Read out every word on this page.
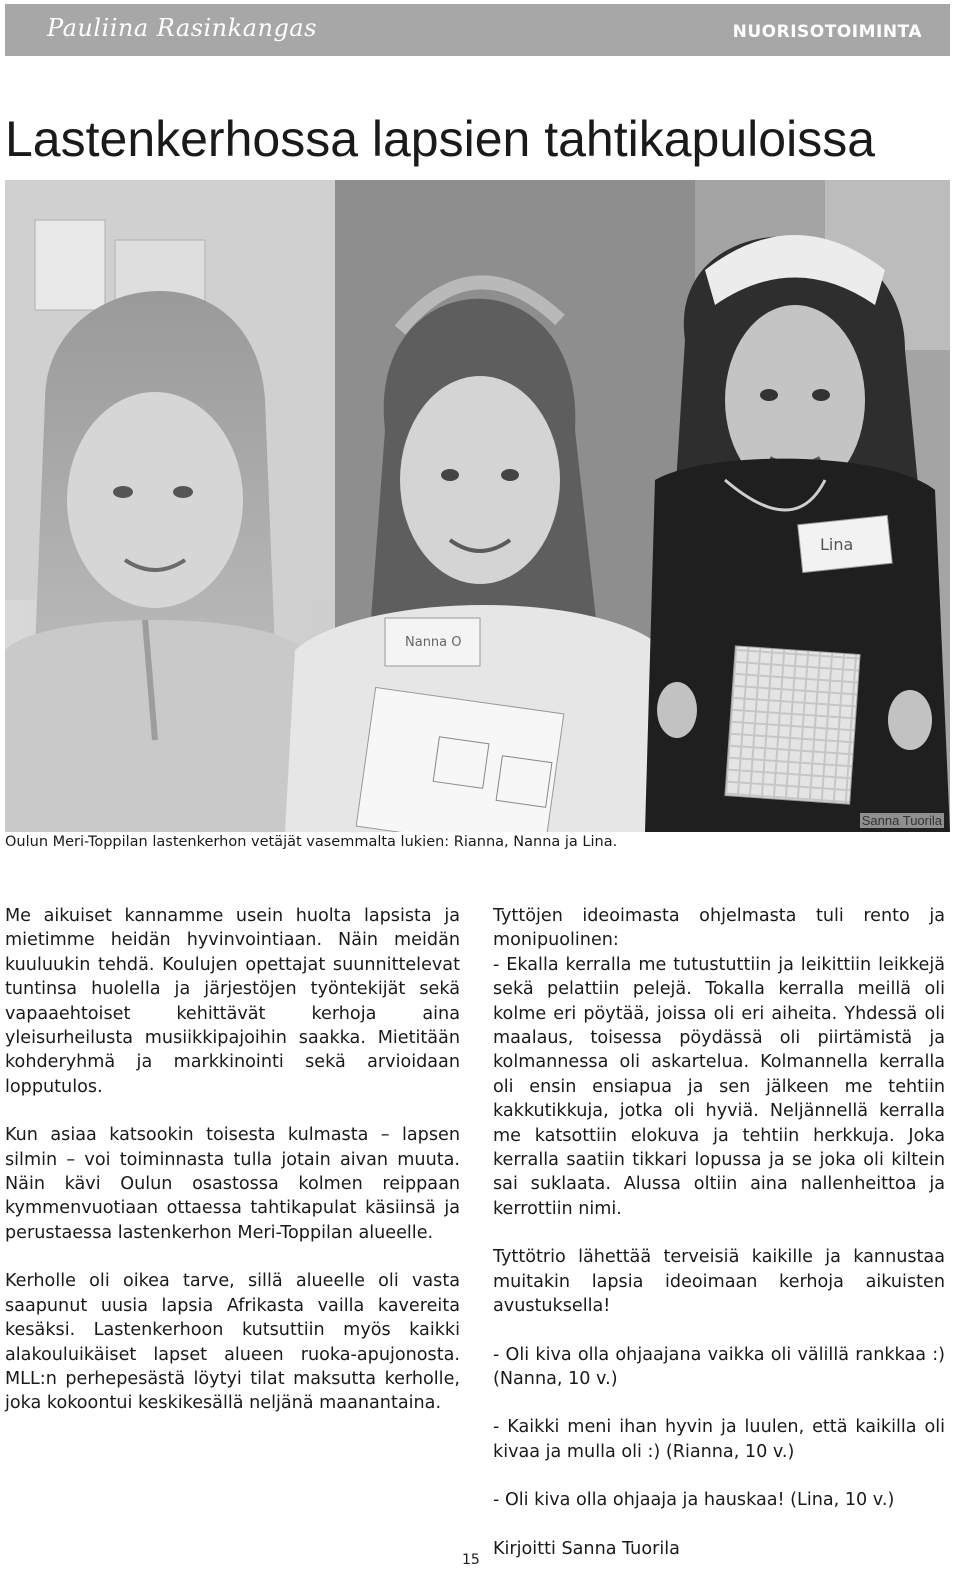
Pauliina Rasinkangas	NUORISOTOIMINTA
Lastenkerhossa lapsien tahtikapuloissa
Nanna O
Lina
Sanna Tuorila
Oulun Meri-Toppilan lastenkerhon vetäjät vasemmalta lukien: Rianna, Nanna ja Lina.

Me aikuiset kannamme usein huolta lapsista ja mietimme heidän hyvinvointiaan. Näin meidän kuuluukin tehdä. Koulujen opettajat suunnittelevat tuntinsa huolella ja järjestöjen työntekijät sekä vapaaehtoiset kehittävät kerhoja aina yleisurheilusta musiikkipajoihin saakka. Mietitään kohderyhmä ja markkinointi sekä arvioidaan lopputulos.

Kun asiaa katsookin toisesta kulmasta – lapsen silmin – voi toiminnasta tulla jotain aivan muuta. Näin kävi Oulun osastossa kolmen reippaan kymmenvuotiaan ottaessa tahtikapulat käsiinsä ja perustaessa lastenkerhon Meri-Toppilan alueelle.

Kerholle oli oikea tarve, sillä alueelle oli vasta saapunut uusia lapsia Afrikasta vailla kavereita kesäksi. Lastenkerhoon kutsuttiin myös kaikki alakouluikäiset lapset alueen ruoka-apujonosta. MLL:n perhepesästä löytyi tilat maksutta kerholle, joka kokoontui keskikesällä neljänä maanantaina.

Tyttöjen ideoimasta ohjelmasta tuli rento ja monipuolinen:
- Ekalla kerralla me tutustuttiin ja leikittiin leikkejä sekä pelattiin pelejä. Tokalla kerralla meillä oli kolme eri pöytää, joissa oli eri aiheita. Yhdessä oli maalaus, toisessa pöydässä oli piirtämistä ja kolmannessa oli askartelua. Kolmannella kerralla oli ensin ensiapua ja sen jälkeen me tehtiin kakkutikkuja, jotka oli hyviä. Neljännellä kerralla me katsottiin elokuva ja tehtiin herkkuja. Joka kerralla saatiin tikkari lopussa ja se joka oli kiltein sai suklaata. Alussa oltiin aina nallenheittoa ja kerrottiin nimi.

Tyttötrio lähettää terveisiä kaikille ja kannustaa muitakin lapsia ideoimaan kerhoja aikuisten avustuksella!

- Oli kiva olla ohjaajana vaikka oli välillä rankkaa :) (Nanna, 10 v.)

- Kaikki meni ihan hyvin ja luulen, että kaikilla oli kivaa ja mulla oli :) (Rianna, 10 v.)

- Oli kiva olla ohjaaja ja hauskaa! (Lina, 10 v.)

Kirjoitti Sanna Tuorila

15
